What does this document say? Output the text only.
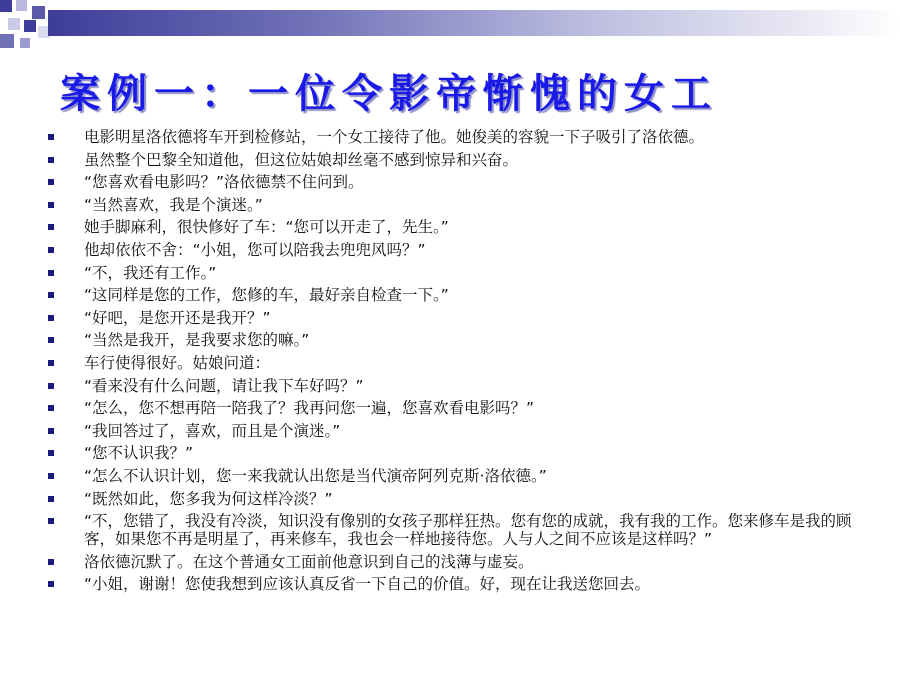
案例一：一位令影帝惭愧的女工
电影明星洛依德将车开到检修站，一个女工接待了他。她俊美的容貌一下子吸引了洛依德。
虽然整个巴黎全知道他，但这位姑娘却丝毫不感到惊异和兴奋。
“您喜欢看电影吗？”洛依德禁不住问到。
“当然喜欢，我是个演迷。”
她手脚麻利，很快修好了车：“您可以开走了，先生。”
他却依依不舍：“小姐，您可以陪我去兜兜风吗？”
“不，我还有工作。”
“这同样是您的工作，您修的车，最好亲自检查一下。”
“好吧，是您开还是我开？”
“当然是我开，是我要求您的嘛。”
车行使得很好。姑娘问道：
“看来没有什么问题，请让我下车好吗？”
“怎么，您不想再陪一陪我了？我再问您一遍，您喜欢看电影吗？”
“我回答过了，喜欢，而且是个演迷。”
“您不认识我？”
“怎么不认识计划，您一来我就认出您是当代演帝阿列克斯·洛依德。”
“既然如此，您多我为何这样冷淡？”
“不，您错了，我没有冷淡，知识没有像别的女孩子那样狂热。您有您的成就，我有我的工作。您来修车是我的顾客，如果您不再是明星了，再来修车，我也会一样地接待您。人与人之间不应该是这样吗？”
洛依德沉默了。在这个普通女工面前他意识到自己的浅薄与虚妄。
“小姐，谢谢！您使我想到应该认真反省一下自己的价值。好，现在让我送您回去。
